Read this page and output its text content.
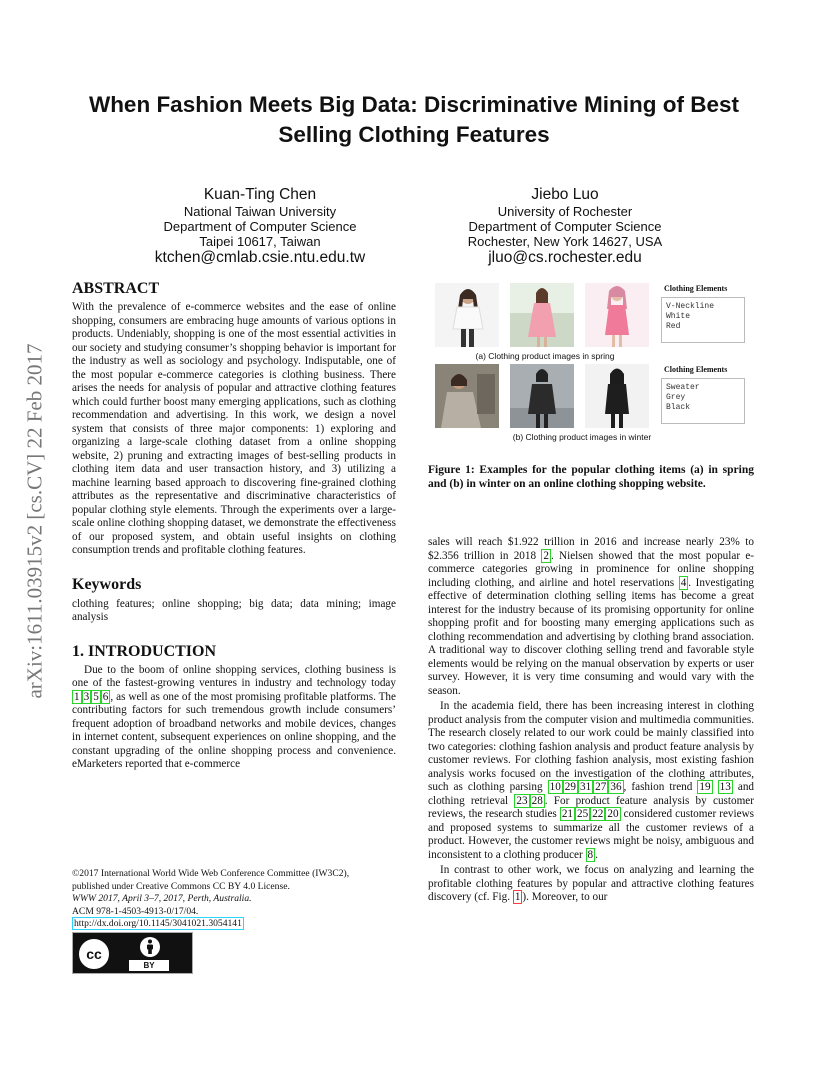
arXiv:1611.03915v2 [cs.CV] 22 Feb 2017
When Fashion Meets Big Data: Discriminative Mining of Best Selling Clothing Features
Kuan-Ting Chen
National Taiwan University
Department of Computer Science
Taipei 10617, Taiwan
ktchen@cmlab.csie.ntu.edu.tw
Jiebo Luo
University of Rochester
Department of Computer Science
Rochester, New York 14627, USA
jluo@cs.rochester.edu
ABSTRACT
With the prevalence of e-commerce websites and the ease of online shopping, consumers are embracing huge amounts of various options in products. Undeniably, shopping is one of the most essential activities in our society and studying consumer’s shopping behavior is important for the industry as well as sociology and psychology. Indisputable, one of the most popular e-commerce categories is clothing business. There arises the needs for analysis of popular and attractive clothing features which could further boost many emerging applications, such as clothing recommendation and advertising. In this work, we design a novel system that consists of three major components: 1) exploring and organizing a large-scale clothing dataset from a online shopping website, 2) pruning and extracting images of best-selling products in clothing item data and user transaction history, and 3) utilizing a machine learning based approach to discovering fine-grained clothing attributes as the representative and discriminative characteristics of popular clothing style elements. Through the experiments over a large-scale online clothing shopping dataset, we demonstrate the effectiveness of our proposed system, and obtain useful insights on clothing consumption trends and profitable clothing features.
Keywords
clothing features; online shopping; big data; data mining; image analysis
1. INTRODUCTION

Due to the boom of online shopping services, clothing business is one of the fastest-growing ventures in industry and technology today 1 3 5 6 , as well as one of the most promising profitable platforms. The contributing factors for such tremendous growth include consumers’ frequent adoption of broadband networks and mobile devices, changes in internet content, subsequent experiences on online shopping, and the constant upgrading of the online shopping process and convenience. eMarketers reported that e-commerce

©2017 International World Wide Web Conference Committee (IW3C2),
published under Creative Commons CC BY 4.0 License.
WWW 2017, April 3–7, 2017, Perth, Australia.
ACM 978-1-4503-4913-0/17/04.
http://dx.doi.org/10.1145/3041021.3054141
cc
BY
Clothing Elements
V-Neckline
White
Red
(a) Clothing product images in spring
Clothing Elements
Sweater
Grey
Black
(b) Clothing product images in winter
Figure 1: Examples for the popular clothing items (a) in spring and (b) in winter on an online clothing shopping website.

sales will reach $1.922 trillion in 2016 and increase nearly 23% to $2.356 trillion in 2018 2 . Nielsen showed that the most popular e-commerce categories growing in prominence for online shopping including clothing, and airline and hotel reservations 4 . Investigating effective of determination clothing selling items has become a great interest for the industry because of its promising opportunity for online shopping profit and for boosting many emerging applications such as clothing recommendation and advertising by clothing brand association. A traditional way to discover clothing selling trend and favorable style elements would be relying on the manual observation by experts or user survey. However, it is very time consuming and would vary with the season.

In the academia field, there has been increasing interest in clothing product analysis from the computer vision and multimedia communities. The research closely related to our work could be mainly classified into two categories: clothing fashion analysis and product feature analysis by customer reviews. For clothing fashion analysis, most existing fashion analysis works focused on the investigation of the clothing attributes, such as clothing parsing 10 29 31 27 36 , fashion trend 19 13 and clothing retrieval 23 28 . For product feature analysis by customer reviews, the research studies 21 25 22 20 considered customer reviews and proposed systems to summarize all the customer reviews of a product. However, the customer reviews might be noisy, ambiguous and inconsistent to a clothing producer 8 .

In contrast to other work, we focus on analyzing and learning the profitable clothing features by popular and attractive clothing features discovery (cf. Fig. 1 ). Moreover, to our
